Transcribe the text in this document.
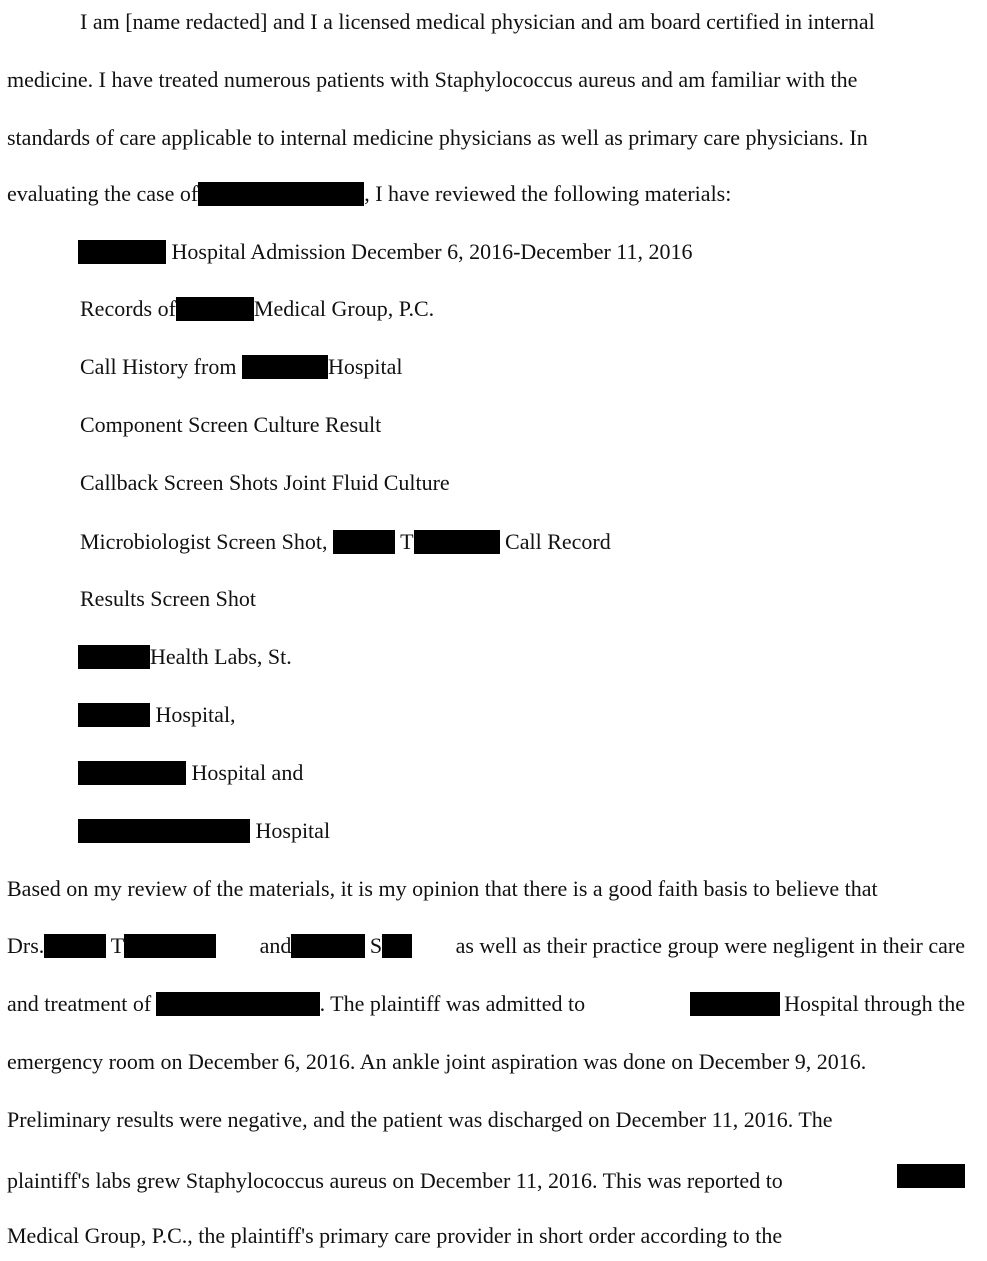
I am [name redacted] and I a licensed medical physician and am board certified in internal
medicine. I have treated numerous patients with Staphylococcus aureus and am familiar with the
standards of care applicable to internal medicine physicians as well as primary care physicians. In
evaluating the case of	, I have reviewed the following materials:
Hospital Admission December 6, 2016-December 11, 2016
Records of	Medical Group, P.C.
Call History from	Hospital
Component Screen Culture Result
Callback Screen Shots Joint Fluid Culture
Microbiologist Screen Shot,	T	Call Record
Results Screen Shot
Health Labs, St.
Hospital,
Hospital and
Hospital
Based on my review of the materials, it is my opinion that there is a good faith basis to believe that
Drs. 	T	and 	S	as well as their practice group were negligent in their care
and treatment of 	. The plaintiff was admitted to
 	Hospital through the
emergency room on December 6, 2016. An ankle joint aspiration was done on December 9, 2016.
Preliminary results were negative, and the patient was discharged on December 11, 2016. The
plaintiff's labs grew Staphylococcus aureus on December 11, 2016. This was reported to
Medical Group, P.C., the plaintiff's primary care provider in short order according to the
